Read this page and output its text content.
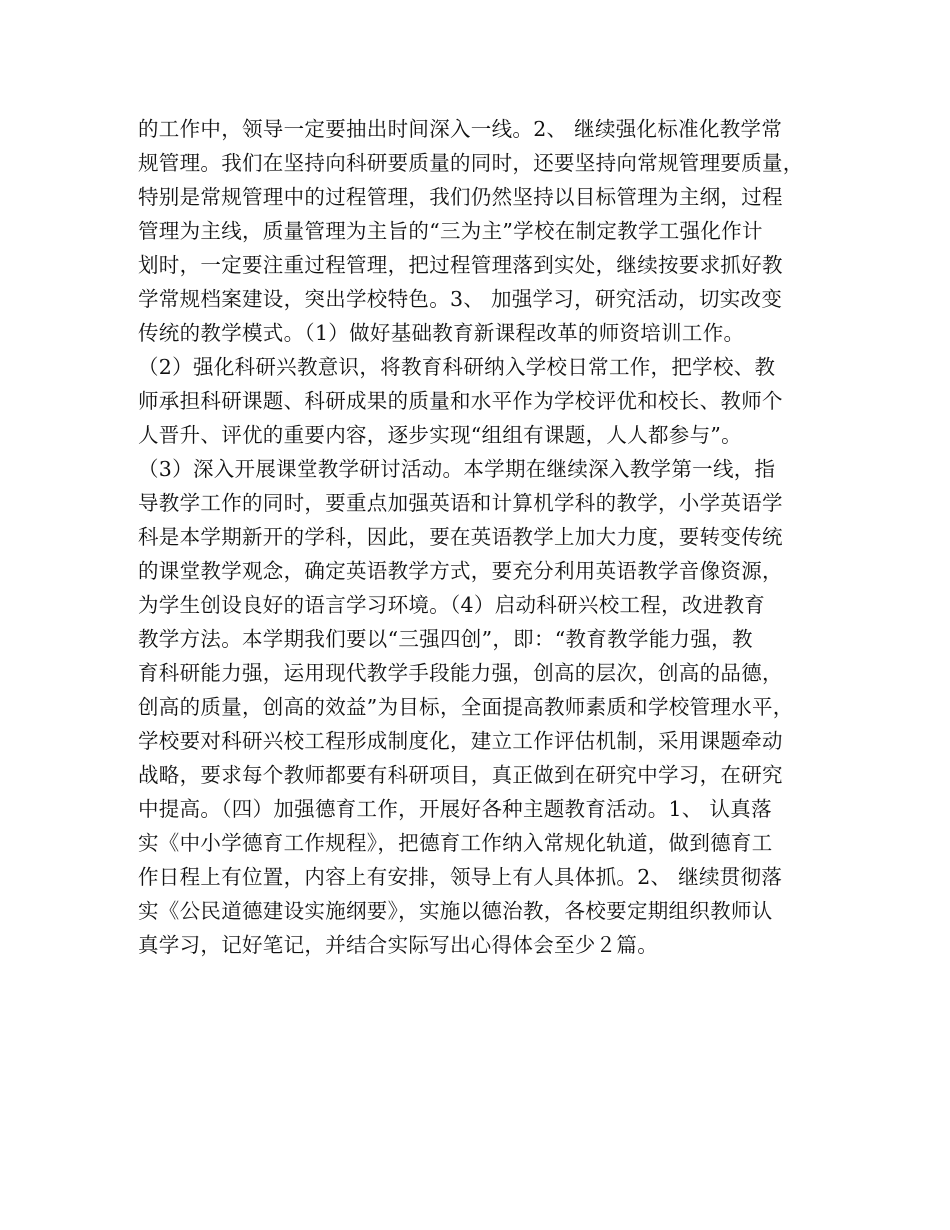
的工作中，领导一定要抽出时间深入一线。2、 继续强化标准化教学常
规管理。我们在坚持向科研要质量的同时，还要坚持向常规管理要质量，
特别是常规管理中的过程管理，我们仍然坚持以目标管理为主纲，过程
管理为主线，质量管理为主旨的“三为主”学校在制定教学工强化作计
划时，一定要注重过程管理，把过程管理落到实处，继续按要求抓好教
学常规档案建设，突出学校特色。3、 加强学习，研究活动，切实改变
传统的教学模式。（1）做好基础教育新课程改革的师资培训工作。
（2）强化科研兴教意识，将教育科研纳入学校日常工作，把学校、教
师承担科研课题、科研成果的质量和水平作为学校评优和校长、教师个
人晋升、评优的重要内容，逐步实现“组组有课题，人人都参与”。
（3）深入开展课堂教学研讨活动。本学期在继续深入教学第一线，指
导教学工作的同时，要重点加强英语和计算机学科的教学，小学英语学
科是本学期新开的学科，因此，要在英语教学上加大力度，要转变传统
的课堂教学观念，确定英语教学方式，要充分利用英语教学音像资源，
为学生创设良好的语言学习环境。（4）启动科研兴校工程，改进教育
教学方法。本学期我们要以“三强四创”，即：“教育教学能力强，教
育科研能力强，运用现代教学手段能力强，创高的层次，创高的品德，
创高的质量，创高的效益”为目标，全面提高教师素质和学校管理水平，
学校要对科研兴校工程形成制度化，建立工作评估机制，采用课题牵动
战略，要求每个教师都要有科研项目，真正做到在研究中学习，在研究
中提高。（四）加强德育工作，开展好各种主题教育活动。1、 认真落
实《中小学德育工作规程》，把德育工作纳入常规化轨道，做到德育工
作日程上有位置，内容上有安排，领导上有人具体抓。2、 继续贯彻落
实《公民道德建设实施纲要》，实施以德治教，各校要定期组织教师认
真学习，记好笔记，并结合实际写出心得体会至少２篇。
